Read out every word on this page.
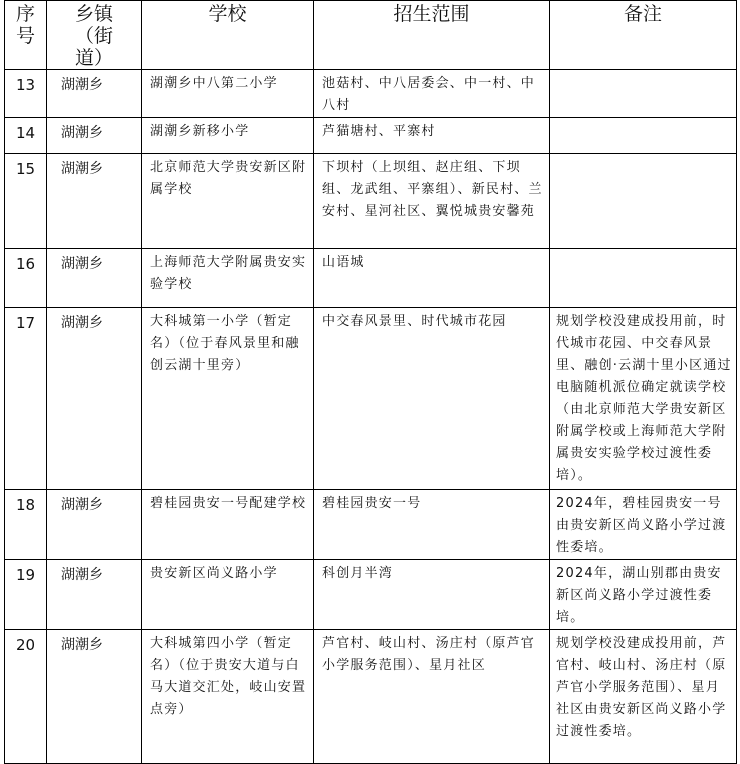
序号	乡镇（街道）	学校	招生范围	备注

13	湖潮乡	湖潮乡中八第二小学	池菇村、中八居委会、中一村、中八村	

14	湖潮乡	湖潮乡新移小学	芦猫塘村、平寨村	

15	湖潮乡	北京师范大学贵安新区附属学校	下坝村（上坝组、赵庄组、下坝组、龙武组、平寨组）、新民村、兰安村、星河社区、翼悦城贵安馨苑	

16	湖潮乡	上海师范大学附属贵安实验学校	山语城	

17	湖潮乡	大科城第一小学（暂定名）（位于春风景里和融创云湖十里旁）	中交春风景里、时代城市花园	规划学校没建成投用前，时代城市花园、中交春风景里、融创·云湖十里小区通过电脑随机派位确定就读学校（由北京师范大学贵安新区附属学校或上海师范大学附属贵安实验学校过渡性委培）。

18	湖潮乡	碧桂园贵安一号配建学校	碧桂园贵安一号	2024年，碧桂园贵安一号由贵安新区尚义路小学过渡性委培。

19	湖潮乡	贵安新区尚义路小学	科创月半湾	2024年，湖山别郡由贵安新区尚义路小学过渡性委培。

20	湖潮乡	大科城第四小学（暂定名）（位于贵安大道与白马大道交汇处，岐山安置点旁）	芦官村、岐山村、汤庄村（原芦官小学服务范围）、星月社区	规划学校没建成投用前，芦官村、岐山村、汤庄村（原芦官小学服务范围）、星月社区由贵安新区尚义路小学过渡性委培。
